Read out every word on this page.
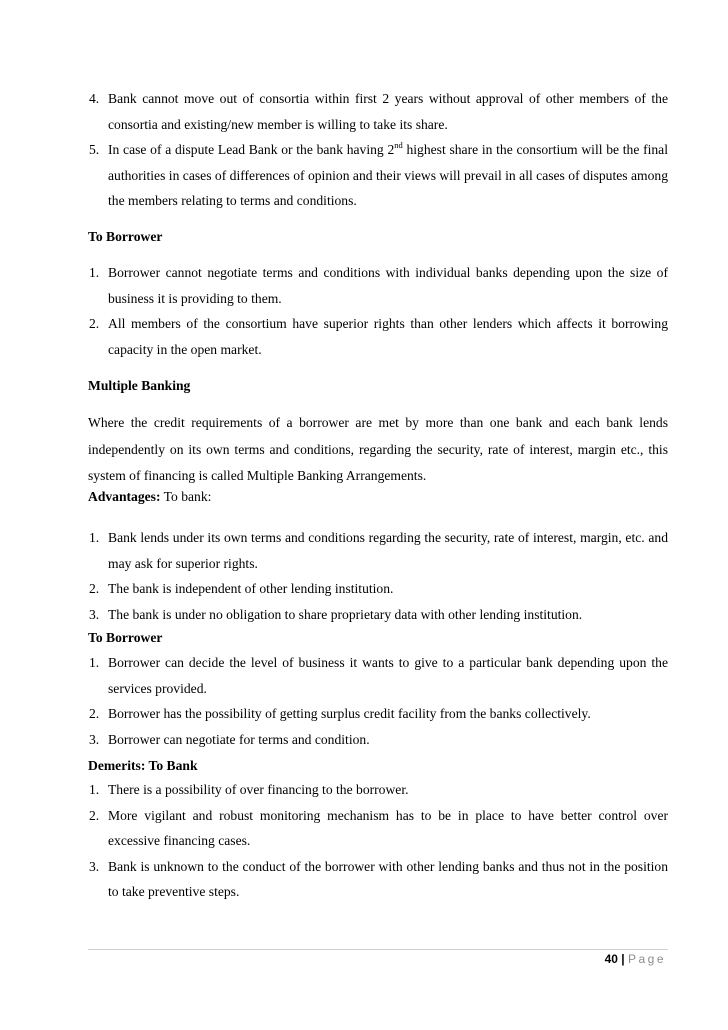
4. Bank cannot move out of consortia within first 2 years without approval of other members of the consortia and existing/new member is willing to take its share.
5. In case of a dispute Lead Bank or the bank having 2nd highest share in the consortium will be the final authorities in cases of differences of opinion and their views will prevail in all cases of disputes among the members relating to terms and conditions.
To Borrower
1. Borrower cannot negotiate terms and conditions with individual banks depending upon the size of business it is providing to them.
2. All members of the consortium have superior rights than other lenders which affects it borrowing capacity in the open market.
Multiple Banking
Where the credit requirements of a borrower are met by more than one bank and each bank lends independently on its own terms and conditions, regarding the security, rate of interest, margin etc., this system of financing is called Multiple Banking Arrangements.
Advantages: To bank:
1. Bank lends under its own terms and conditions regarding the security, rate of interest, margin, etc. and may ask for superior rights.
2. The bank is independent of other lending institution.
3. The bank is under no obligation to share proprietary data with other lending institution.
To Borrower
1. Borrower can decide the level of business it wants to give to a particular bank depending upon the services provided.
2. Borrower has the possibility of getting surplus credit facility from the banks collectively.
3. Borrower can negotiate for terms and condition.
Demerits: To Bank
1. There is a possibility of over financing to the borrower.
2. More vigilant and robust monitoring mechanism has to be in place to have better control over excessive financing cases.
3. Bank is unknown to the conduct of the borrower with other lending banks and thus not in the position to take preventive steps.
40 | Page
